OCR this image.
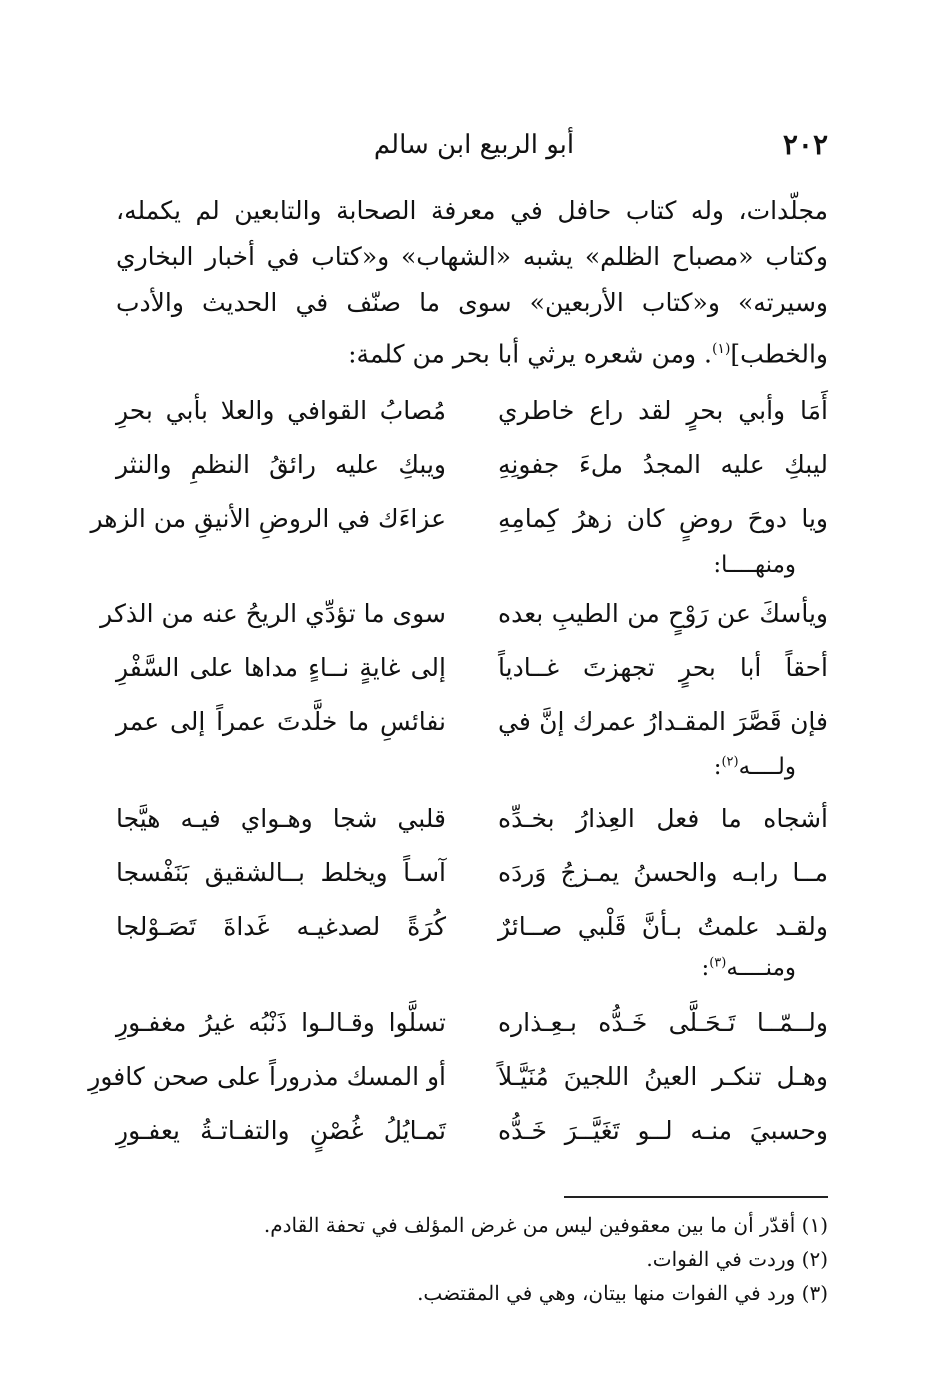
٢٠٢
أبو الربيع ابن سالم

مجلّدات، وله كتاب حافل في معرفة الصحابة والتابعين لم يكمله، وكتاب «مصباح الظلم» يشبه «الشهاب» و«كتاب في أخبار البخاري وسيرته» و«كتاب الأربعين» سوى ما صنّف في الحديث والأدب والخطب]$^{(١)}$. ومن شعره يرثي أبا بحر من كلمة:

أَمَا وأبي بحرٍ لقد راع خاطري
مُصابُ القوافي والعلا بأبي بحرِ
ليبكِ عليه المجدُ ملءَ جفونِهِ
ويبكِ عليه رائقُ النظمِ والنثر
ويا دوحَ روضٍ كان زهرُ كِمامِهِ
عزاءَك في الروضِ الأنيقِ من الزهر
ومنهــــا:
ويأسكَ عن رَوْحٍ من الطيبِ بعده
سوى ما تؤدِّي الريحُ عنه من الذكر
أحقاً أبا بحرٍ تجهزتَ غــادياً
إلى غايةٍ نــاءٍ مداها على السَّفْرِ
فإن قَصَّرَ المقـدارُ عمرك إنَّ في
نفائسِ ما خلَّدتَ عمراً إلى عمر
ولــــه$^{(٢)}$:
أشجاه ما فعل العِذارُ بخـدِّه
قلبي شجا وهـواي فيـه هيَّجا
مــا رابـه والحسنُ يمـزجُ وَردَه
آسـاً ويخلط بــالشقيق بَنَفْسجا
ولقـد علمتُ بـأنَّ قَلْبي صــائرٌ
كُرَةً لصدغيـه غَداةَ تَصَـوْلجا
ومنــــه$^{(٣)}$:
ولــمّــا تَـحَـلَّى خَـدُّه بـعِـذاره
تسلَّوا وقـالـوا ذَنْبُه غيرُ مغفـورِ
وهـل تنكـر العينُ اللجينَ مُنَيَّـلاً
أو المسك مذروراً على صحن كافورِ
وحسبيَ منـه لــو تَغَيَّــرَ خَـدُّه
تَمـايُلُ غُصْنٍ والتفـاتـةُ يعفـورِ
(١) أقدّر أن ما بين معقوفين ليس من غرض المؤلف في تحفة القادم.
(٢) وردت في الفوات.
(٣) ورد في الفوات منها بيتان، وهي في المقتضب.
